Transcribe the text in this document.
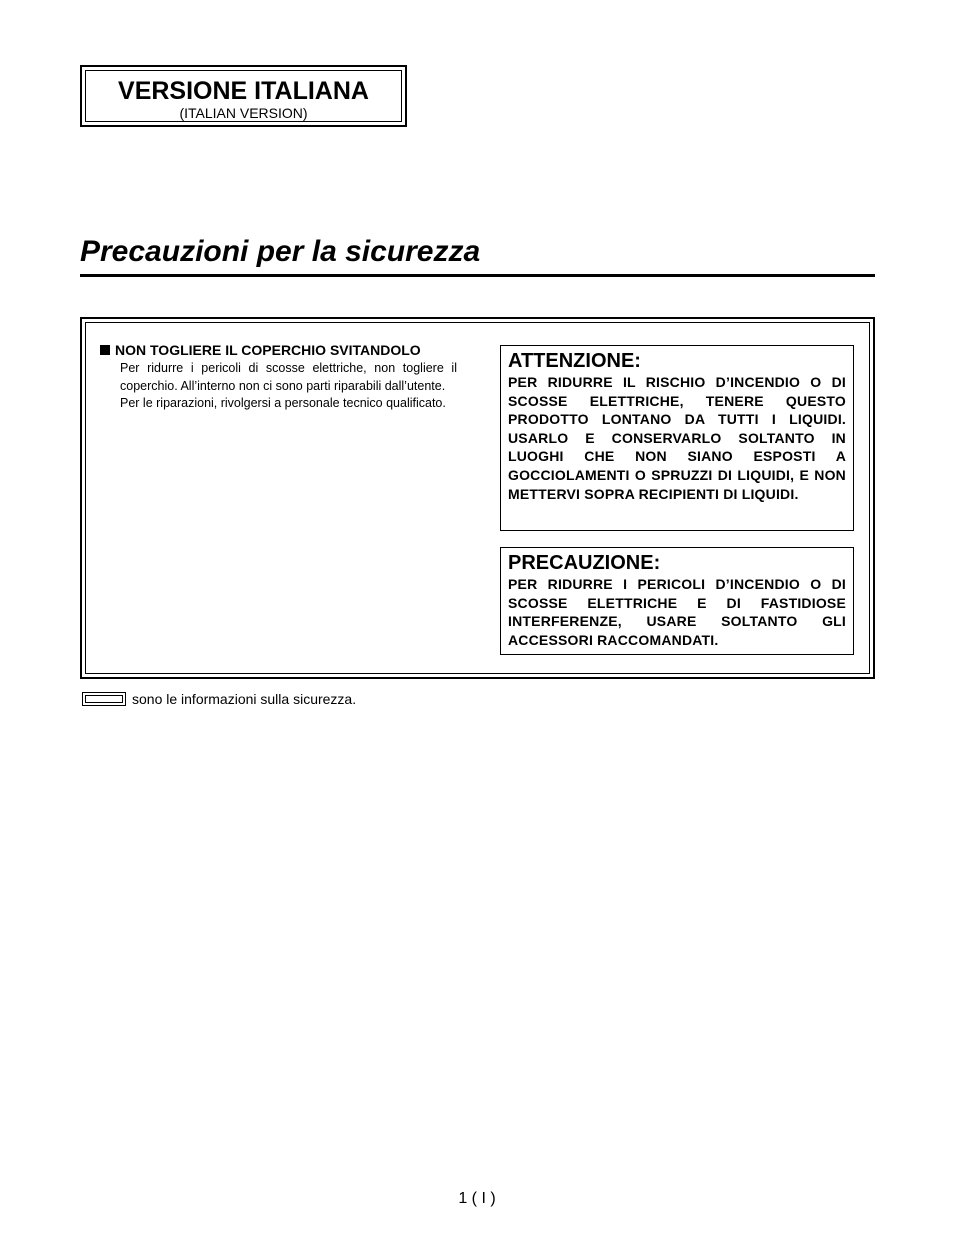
VERSIONE ITALIANA
(ITALIAN VERSION)
Precauzioni per la sicurezza
NON TOGLIERE IL COPERCHIO SVITANDOLO

Per ridurre i pericoli di scosse elettriche, non togliere il coperchio. All’interno non ci sono parti riparabili dall’utente.

Per le riparazioni, rivolgersi a personale tecnico qualificato.

ATTENZIONE:
PER RIDURRE IL RISCHIO D’INCENDIO O DI SCOSSE ELETTRICHE, TENERE QUESTO PRODOTTO LONTANO DA TUTTI I LIQUIDI. USARLO E CONSERVARLO SOLTANTO IN LUOGHI CHE NON SIANO ESPOSTI A GOCCIOLAMENTI O SPRUZZI DI LIQUIDI, E NON METTERVI SOPRA RECIPIENTI DI LIQUIDI.
PRECAUZIONE:
PER RIDURRE I PERICOLI D’INCENDIO O DI SCOSSE ELETTRICHE E DI FASTIDIOSE INTERFERENZE, USARE SOLTANTO GLI ACCESSORI RACCOMANDATI.
sono le informazioni sulla sicurezza.
1 ( I )
